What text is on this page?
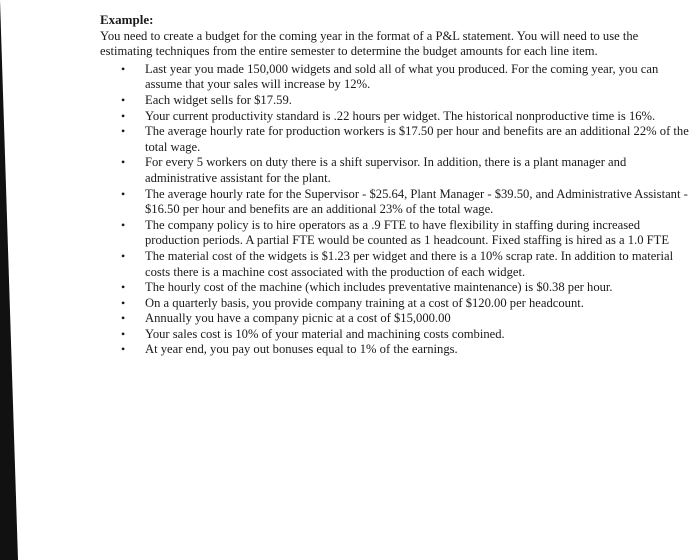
Example:
You need to create a budget for the coming year in the format of a P&L statement. You will need to use the estimating techniques from the entire semester to determine the budget amounts for each line item.
• Last year you made 150,000 widgets and sold all of what you produced. For the coming year, you can assume that your sales will increase by 12%.
• Each widget sells for $17.59.
• Your current productivity standard is .22 hours per widget. The historical nonproductive time is 16%.
• The average hourly rate for production workers is $17.50 per hour and benefits are an additional 22% of the total wage.
• For every 5 workers on duty there is a shift supervisor. In addition, there is a plant manager and administrative assistant for the plant.
• The average hourly rate for the Supervisor - $25.64, Plant Manager - $39.50, and Administrative Assistant - $16.50 per hour and benefits are an additional 23% of the total wage.
• The company policy is to hire operators as a .9 FTE to have flexibility in staffing during increased production periods. A partial FTE would be counted as 1 headcount. Fixed staffing is hired as a 1.0 FTE
• The material cost of the widgets is $1.23 per widget and there is a 10% scrap rate. In addition to material costs there is a machine cost associated with the production of each widget.
• The hourly cost of the machine (which includes preventative maintenance) is $0.38 per hour.
• On a quarterly basis, you provide company training at a cost of $120.00 per headcount.
• Annually you have a company picnic at a cost of $15,000.00
• Your sales cost is 10% of your material and machining costs combined.
• At year end, you pay out bonuses equal to 1% of the earnings.
